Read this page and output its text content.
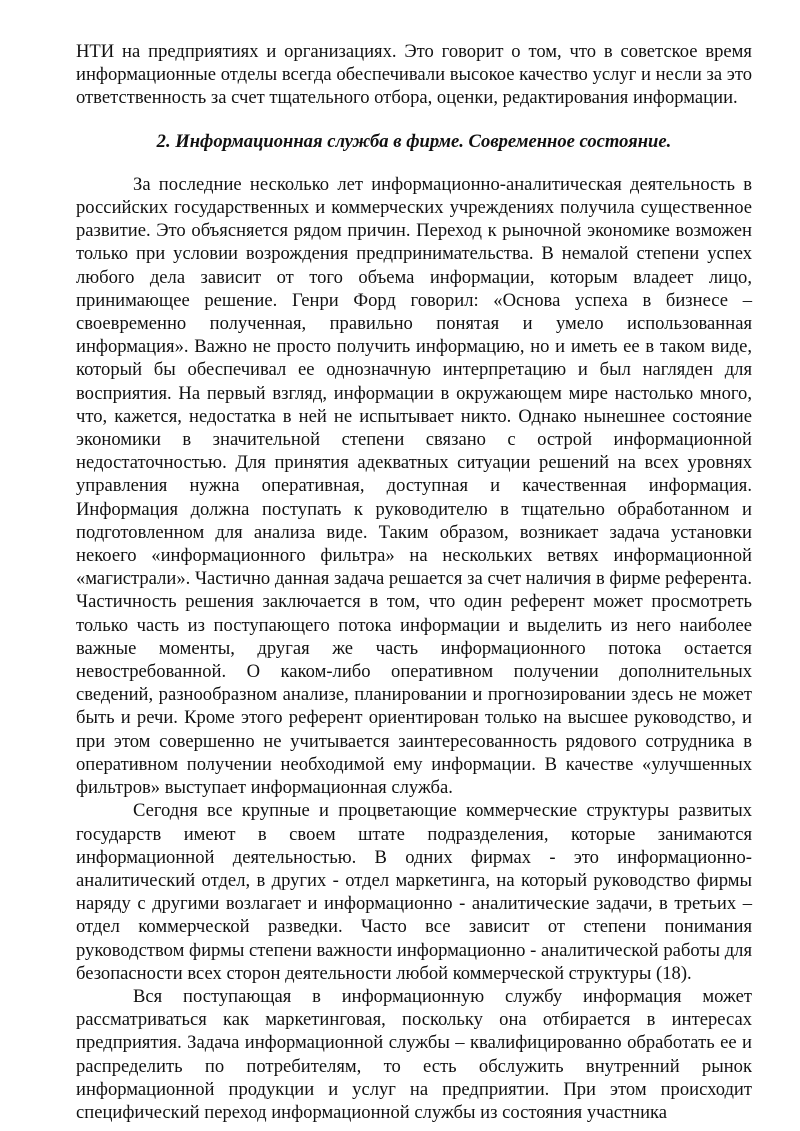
НТИ на предприятиях и организациях. Это говорит о том, что в советское время информационные отделы всегда обеспечивали высокое качество услуг и несли за это ответственность за счет тщательного отбора, оценки, редактирования информации.

2. Информационная служба в фирме. Современное состояние.

За последние несколько лет информационно-аналитическая деятельность в российских государственных и коммерческих учреждениях получила существенное развитие. Это объясняется рядом причин. Переход к рыночной экономике возможен только при условии возрождения предпринимательства. В немалой степени успех любого дела зависит от того объема информации, которым владеет лицо, принимающее решение. Генри Форд говорил: «Основа успеха в бизнесе – своевременно полученная, правильно понятая и умело использованная информация». Важно не просто получить информацию, но и иметь ее в таком виде, который бы обеспечивал ее однозначную интерпретацию и был нагляден для восприятия. На первый взгляд, информации в окружающем мире настолько много, что, кажется, недостатка в ней не испытывает никто. Однако нынешнее состояние экономики в значительной степени связано с острой информационной недостаточностью. Для принятия адекватных ситуации решений на всех уровнях управления нужна оперативная, доступная и качественная информация. Информация должна поступать к руководителю в тщательно обработанном и подготовленном для анализа виде. Таким образом, возникает задача установки некоего «информационного фильтра» на нескольких ветвях информационной «магистрали». Частично данная задача решается за счет наличия в фирме референта. Частичность решения заключается в том, что один референт может просмотреть только часть из поступающего потока информации и выделить из него наиболее важные моменты, другая же часть информационного потока остается невостребованной. О каком-либо оперативном получении дополнительных сведений, разнообразном анализе, планировании и прогнозировании здесь не может быть и речи. Кроме этого референт ориентирован только на высшее руководство, и при этом совершенно не учитывается заинтересованность рядового сотрудника в оперативном получении необходимой ему информации. В качестве «улучшенных фильтров» выступает информационная служба.

Сегодня все крупные и процветающие коммерческие структуры развитых государств имеют в своем штате подразделения, которые занимаются информационной деятельностью. В одних фирмах - это информационно-аналитический отдел, в других - отдел маркетинга, на который руководство фирмы наряду с другими возлагает и информационно - аналитические задачи, в третьих – отдел коммерческой разведки. Часто все зависит от степени понимания руководством фирмы степени важности информационно - аналитической работы для безопасности всех сторон деятельности любой коммерческой структуры (18).

Вся поступающая в информационную службу информация может рассматриваться как маркетинговая, поскольку она отбирается в интересах предприятия. Задача информационной службы – квалифицированно обработать ее и распределить по потребителям, то есть обслужить внутренний рынок информационной продукции и услуг на предприятии. При этом происходит специфический переход информационной службы из состояния участника
